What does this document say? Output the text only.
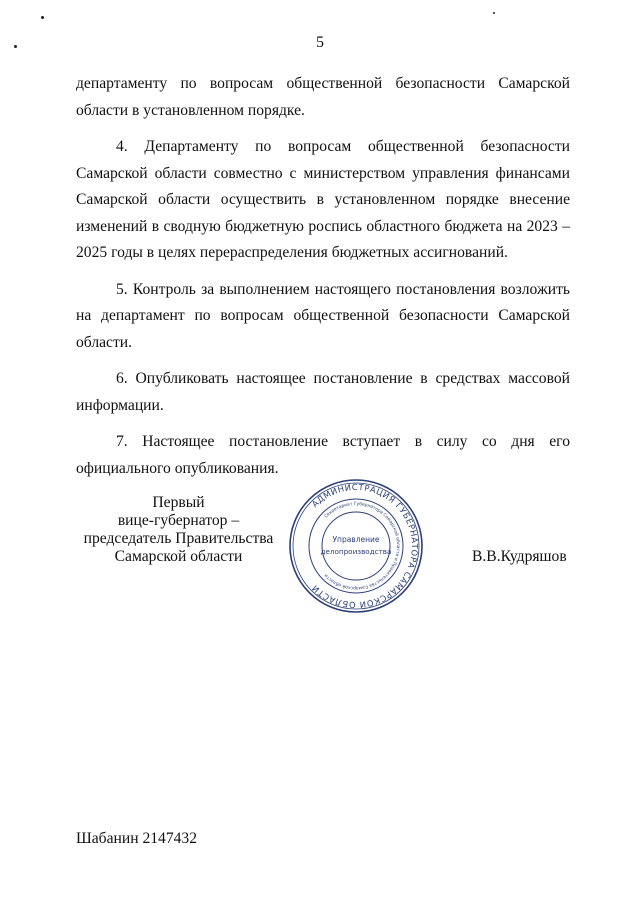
5

департаменту по вопросам общественной безопасности Самарской области в установленном порядке.

4. Департаменту по вопросам общественной безопасности Самарской области совместно с министерством управления финансами Самарской области осуществить в установленном порядке внесение изменений в сводную бюджетную роспись областного бюджета на 2023 – 2025 годы в целях перераспределения бюджетных ассигнований.

5. Контроль за выполнением настоящего постановления возложить на департамент по вопросам общественной безопасности Самарской области.

6. Опубликовать настоящее постановление в средствах массовой информации.

7. Настоящее постановление вступает в силу со дня его официального опубликования.

Первый
вице-губернатор –
председатель Правительства
Самарской области
АДМИНИСТРАЦИЯ ГУБЕРНАТОРА САМАРСКОЙ ОБЛАСТИ
Секретариат Губернатора Самарской области и Правительства Самарской области
Управление
делопроизводства	В.В.Кудряшов
Шабанин 2147432
